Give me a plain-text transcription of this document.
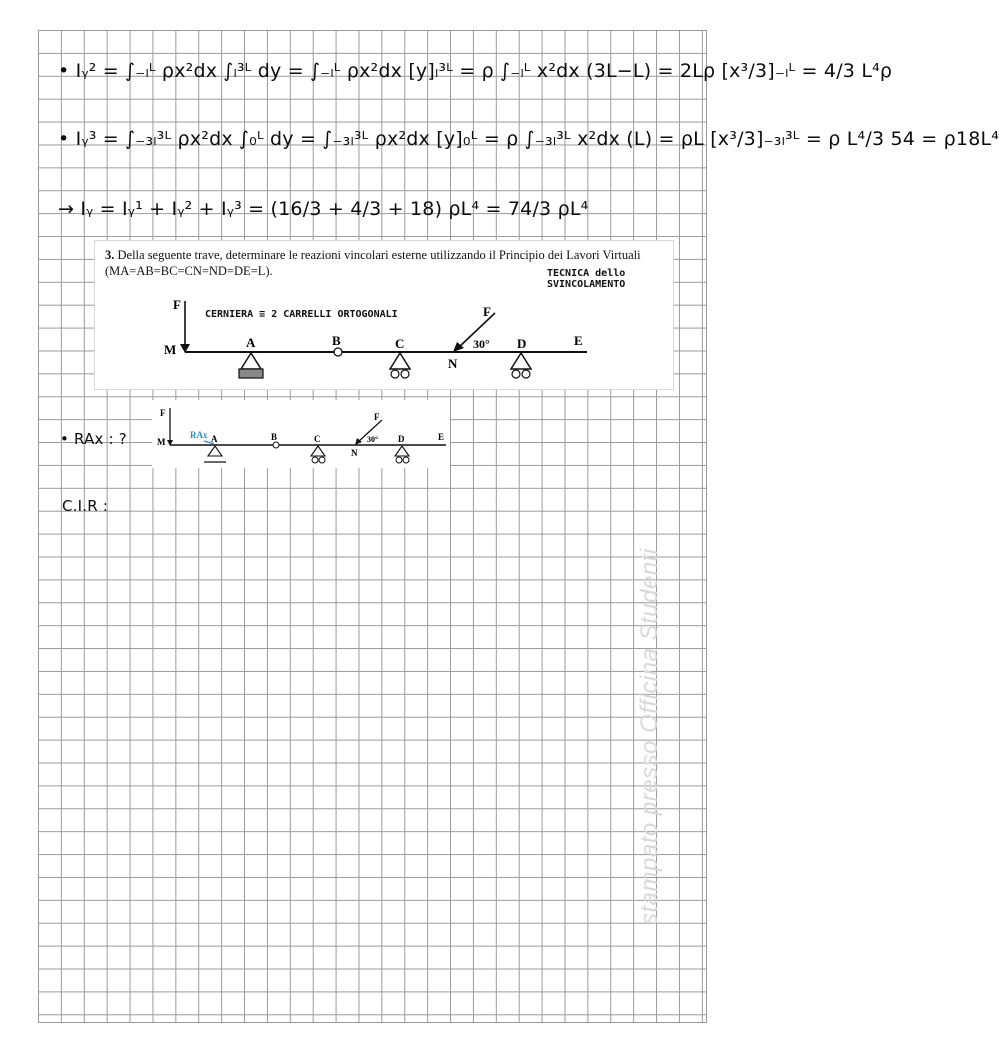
• Iᵧ² = ∫₋ₗᴸ ρx²dx ∫ₗ³ᴸ dy = ∫₋ₗᴸ ρx²dx [y]ₗ³ᴸ = ρ ∫₋ₗᴸ x²dx (3L−L) = 2Lρ [x³/3]₋ₗᴸ = 4/3 L⁴ρ
• Iᵧ³ = ∫₋₃ₗ³ᴸ ρx²dx ∫₀ᴸ dy = ∫₋₃ₗ³ᴸ ρx²dx [y]₀ᴸ = ρ ∫₋₃ₗ³ᴸ x²dx (L) = ρL [x³/3]₋₃ₗ³ᴸ = ρ L⁴/3 54 = ρ18L⁴
→ Iᵧ = Iᵧ¹ + Iᵧ² + Iᵧ³ = (16/3 + 4/3 + 18) ρL⁴ = 74/3 ρL⁴
3. Della seguente trave, determinare le reazioni vincolari esterne utilizzando il Principio dei Lavori Virtuali (MA=AB=BC=CN=ND=DE=L).	TECNICA dello
SVINCOLAMENTO
CERNIERA ≡ 2 CARRELLI ORTOGONALI
F
M	A	B	C
F
30°
N
D	E
• RAx : ?
F
M
RAx A	B	C
F
30°
N
D	E
C.I.R :
stampato presso Officina Studenti
